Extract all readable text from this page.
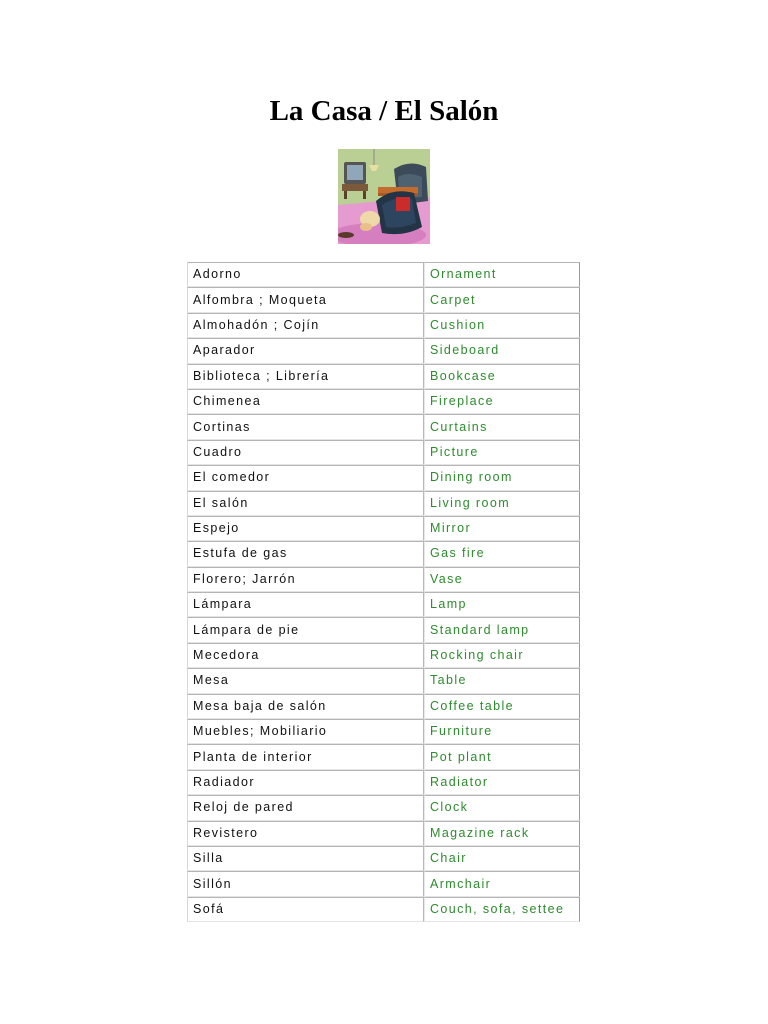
La Casa / El Salón
Adorno	Ornament
Alfombra ; Moqueta	Carpet
Almohadón ; Cojín	Cushion
Aparador	Sideboard
Biblioteca ; Librería	Bookcase
Chimenea	Fireplace
Cortinas	Curtains
Cuadro	Picture
El comedor	Dining room
El salón	Living room
Espejo	Mirror
Estufa de gas	Gas fire
Florero; Jarrón	Vase
Lámpara	Lamp
Lámpara de pie	Standard lamp
Mecedora	Rocking chair
Mesa	Table
Mesa baja de salón	Coffee table
Muebles; Mobiliario	Furniture
Planta de interior	Pot plant
Radiador	Radiator
Reloj de pared	Clock
Revistero	Magazine rack
Silla	Chair
Sillón	Armchair
Sofá	Couch, sofa, settee
